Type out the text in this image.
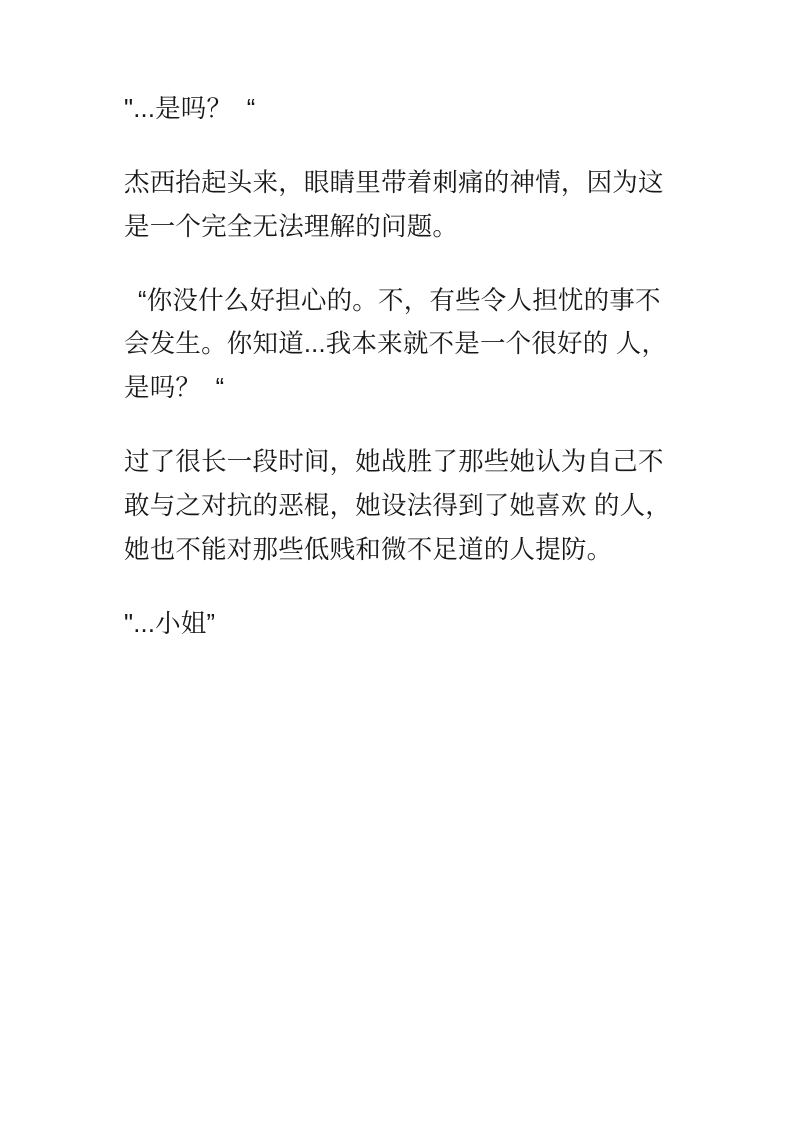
"...是吗？  “

杰西抬起头来，眼睛里带着刺痛的神情，因为这是一个完全无法理解的问题。

“你没什么好担心的。不，有些令人担忧的事不会发生。你知道...我本来就不是一个很好的 人，是吗？  “

过了很长一段时间，她战胜了那些她认为自己不敢与之对抗的恶棍，她设法得到了她喜欢 的人，她也不能对那些低贱和微不足道的人提防。

"...小姐”
